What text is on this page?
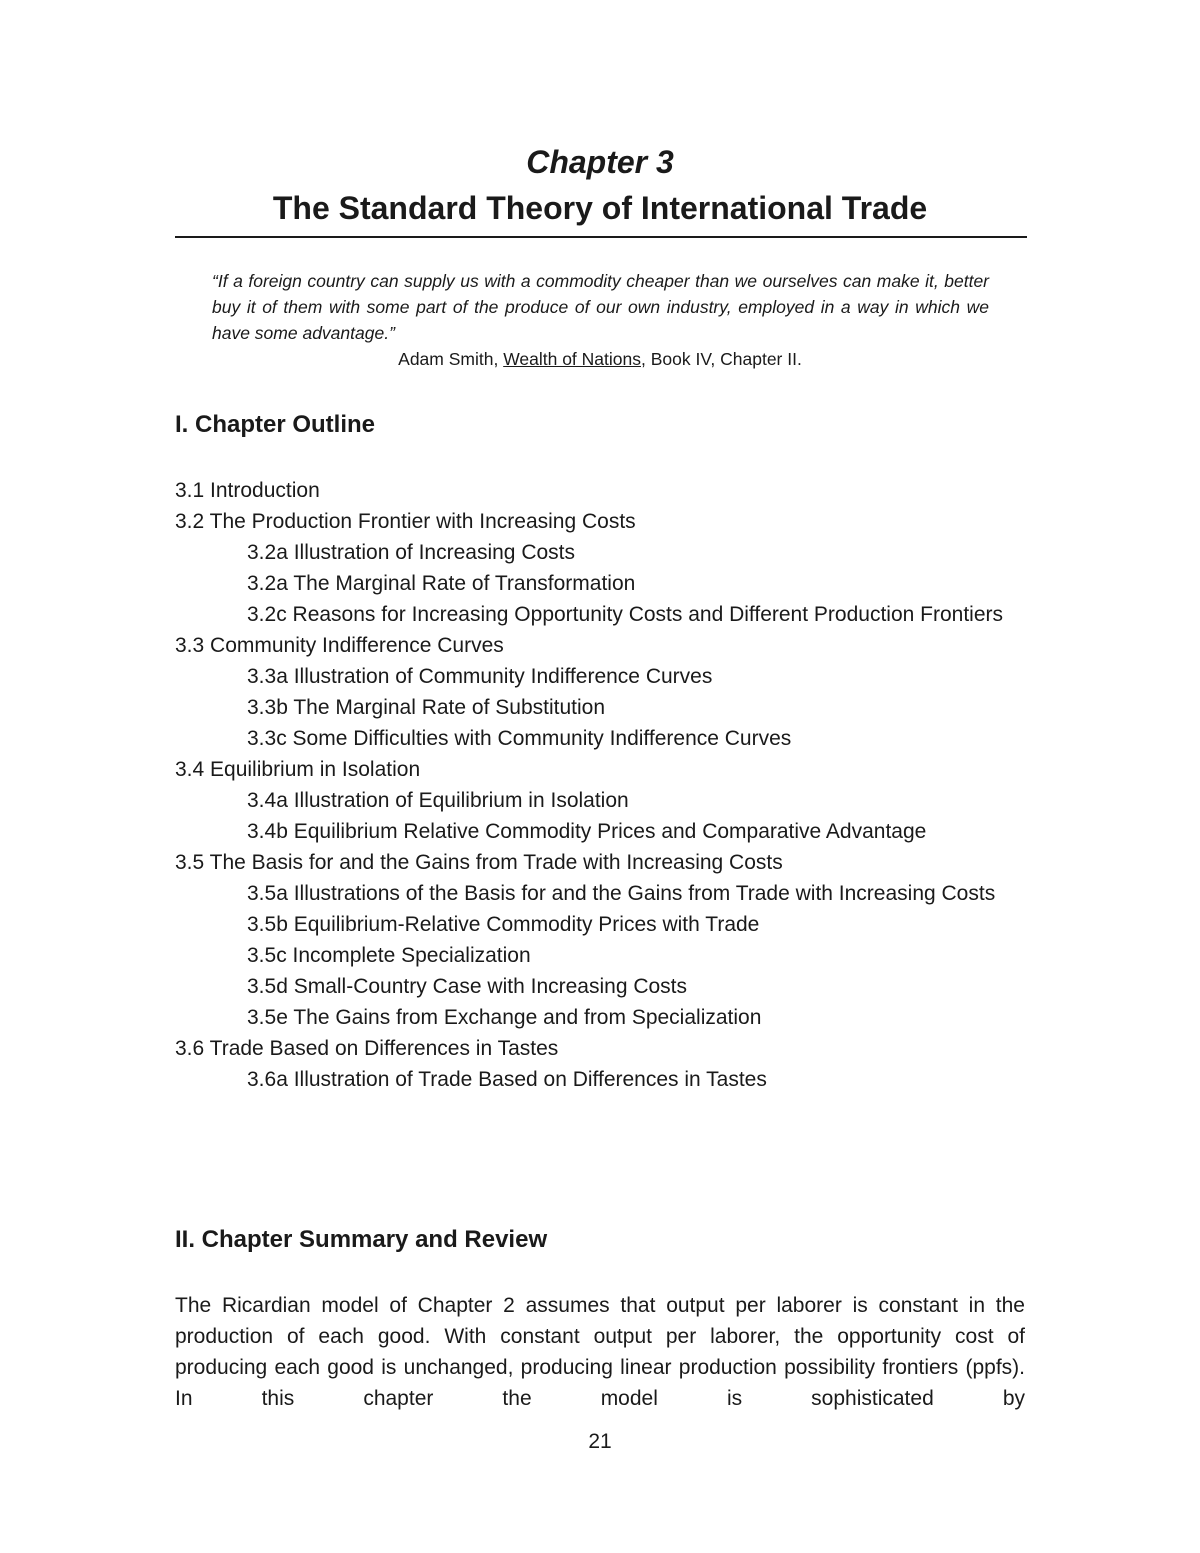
Chapter 3
The Standard Theory of International Trade
“If a foreign country can supply us with a commodity cheaper than we ourselves can make it, better buy it of them with some part of the produce of our own industry, employed in a way in which we have some advantage.”
Adam Smith, Wealth of Nations, Book IV, Chapter II.
I. Chapter Outline
3.1 Introduction
3.2 The Production Frontier with Increasing Costs
3.2a Illustration of Increasing Costs
3.2a The Marginal Rate of Transformation
3.2c Reasons for Increasing Opportunity Costs and Different Production Frontiers
3.3 Community Indifference Curves
3.3a Illustration of Community Indifference Curves
3.3b The Marginal Rate of Substitution
3.3c Some Difficulties with Community Indifference Curves
3.4 Equilibrium in Isolation
3.4a Illustration of Equilibrium in Isolation
3.4b Equilibrium Relative Commodity Prices and Comparative Advantage
3.5 The Basis for and the Gains from Trade with Increasing Costs
3.5a Illustrations of the Basis for and the Gains from Trade with Increasing Costs
3.5b Equilibrium-Relative Commodity Prices with Trade
3.5c Incomplete Specialization
3.5d Small-Country Case with Increasing Costs
3.5e The Gains from Exchange and from Specialization
3.6 Trade Based on Differences in Tastes
3.6a Illustration of Trade Based on Differences in Tastes
II. Chapter Summary and Review

The Ricardian model of Chapter 2 assumes that output per laborer is constant in the production of each good. With constant output per laborer, the opportunity cost of producing each good is unchanged, producing linear production possibility frontiers (ppfs). In this chapter the model is sophisticated by

21
